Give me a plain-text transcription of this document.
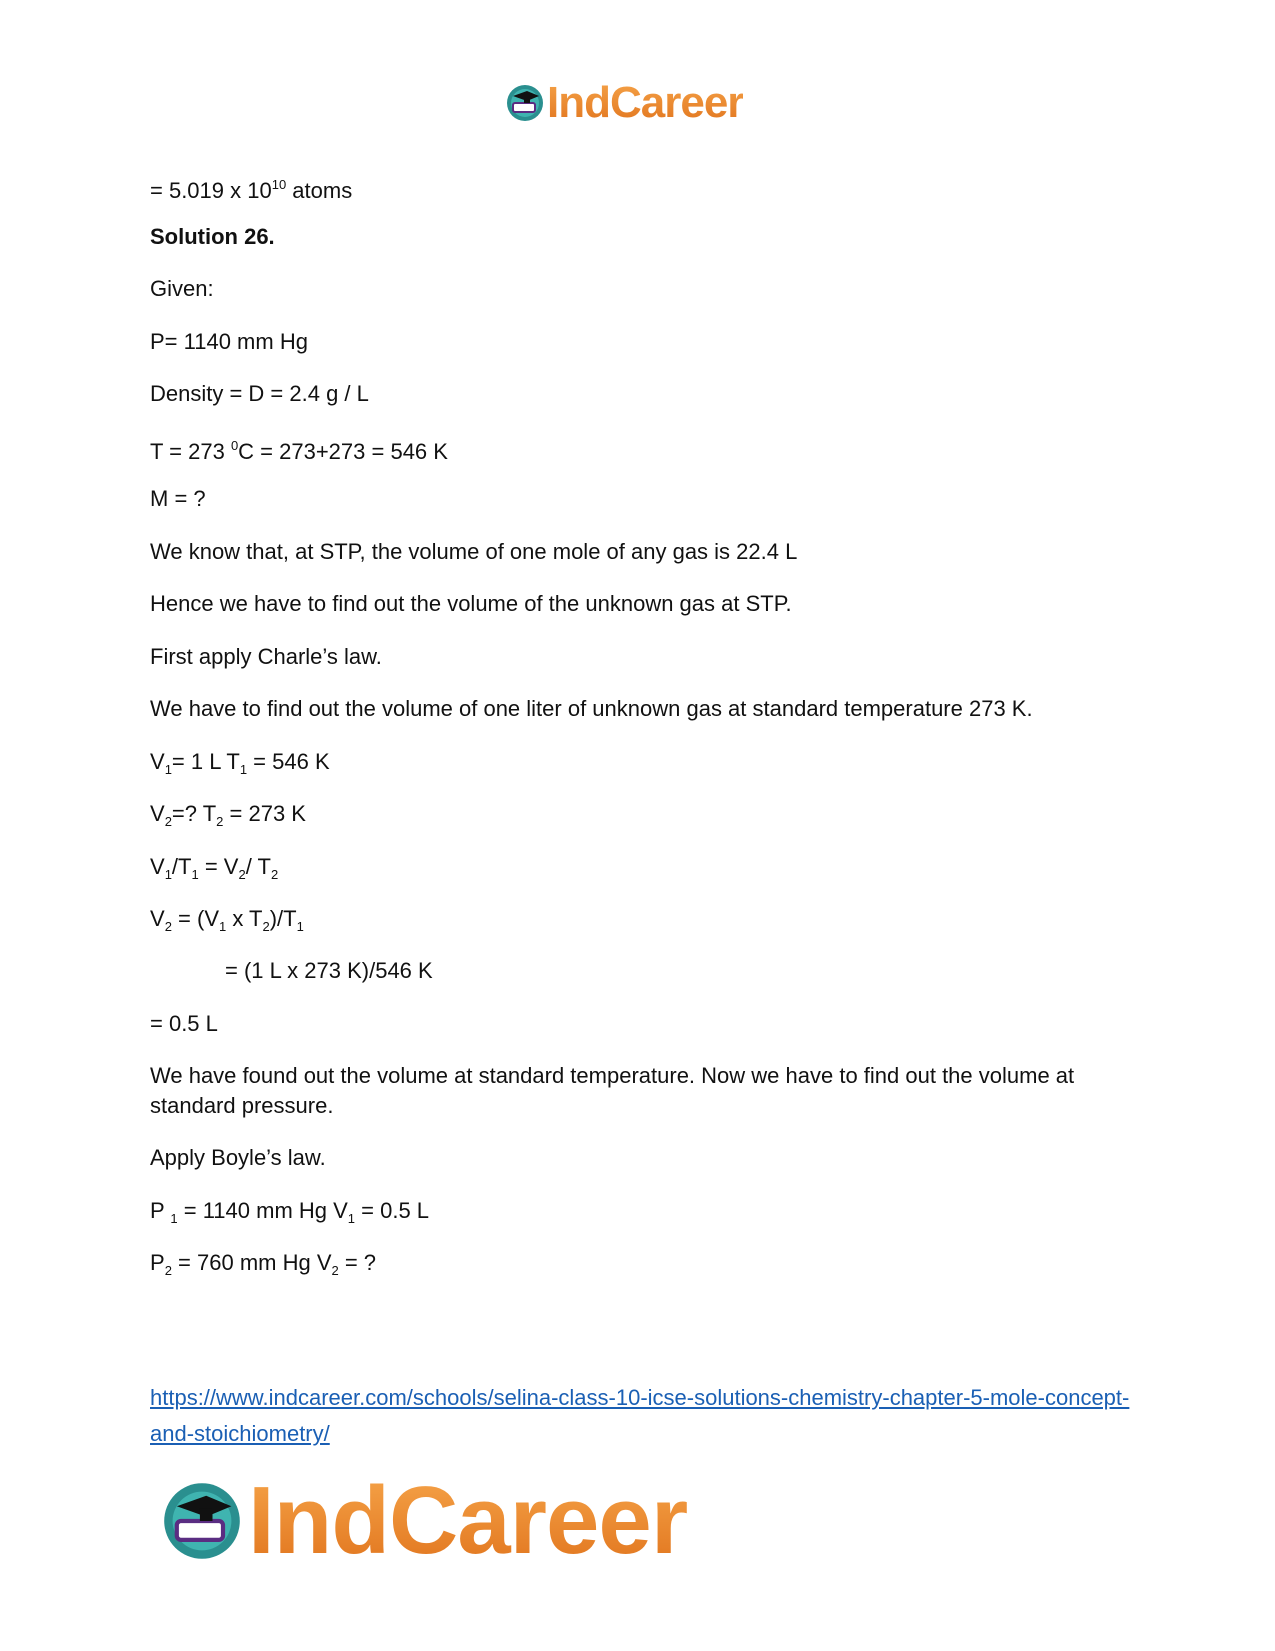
IndCareer
= 5.019 x $10^{10}$ atoms
Solution 26.
Given:
P= 1140 mm Hg
Density = D = 2.4 g / L
T = 273 $^0$C = 273+273 = 546 K
M = ?
We know that, at STP, the volume of one mole of any gas is 22.4 L
Hence we have to find out the volume of the unknown gas at STP.
First apply Charle’s law.
We have to find out the volume of one liter of unknown gas at standard temperature 273 K.
$V_1= 1$ L $T_1 = 546$ K
$V_2=$? $T_2 = 273$ K
$V_1/T_1 = V_2/$ $T_2$
$V_2 = (V_1$ x $T_2)/T_1$
= (1 L x 273 K)/546 K
= 0.5 L
We have found out the volume at standard temperature. Now we have to find out the volume at standard pressure.
Apply Boyle’s law.
P $_1$ = 1140 mm Hg $V_1 = 0.5$ L
$P_2 = 760$ mm Hg $V_2$ = ?
https://www.indcareer.com/schools/selina-class-10-icse-solutions-chemistry-chapter-5-mole-concept-and-stoichiometry/
IndCareer
